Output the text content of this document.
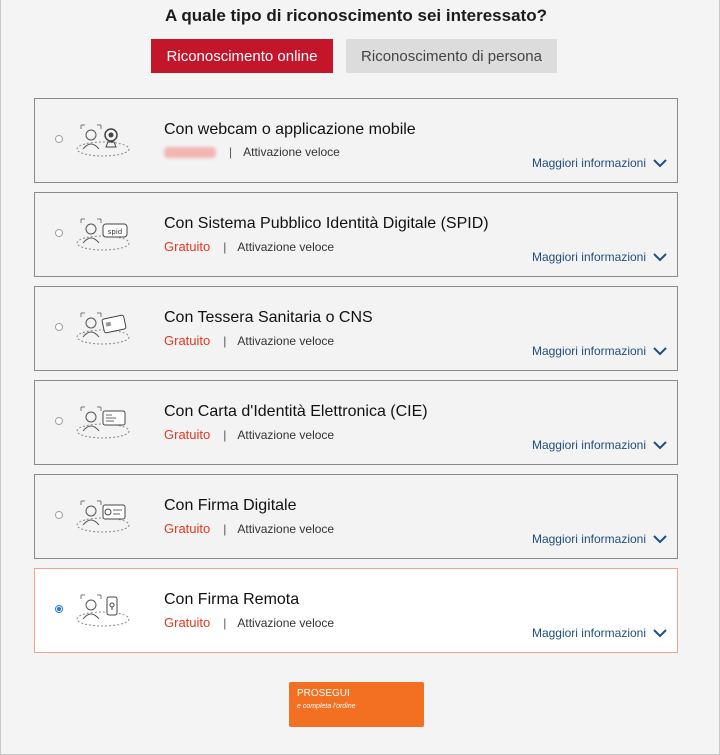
A quale tipo di riconoscimento sei interessato?
Riconoscimento online	Riconoscimento di persona
Con webcam o applicazione mobile
| Attivazione veloce
Maggiori informazioni
spid	Con Sistema Pubblico Identità Digitale (SPID)
Gratuito | Attivazione veloce
Maggiori informazioni
Con Tessera Sanitaria o CNS
Gratuito | Attivazione veloce
Maggiori informazioni
Con Carta d'Identità Elettronica (CIE)
Gratuito | Attivazione veloce
Maggiori informazioni
Con Firma Digitale
Gratuito | Attivazione veloce
Maggiori informazioni
Con Firma Remota
Gratuito | Attivazione veloce
Maggiori informazioni
PROSEGUI
e completa l'ordine
